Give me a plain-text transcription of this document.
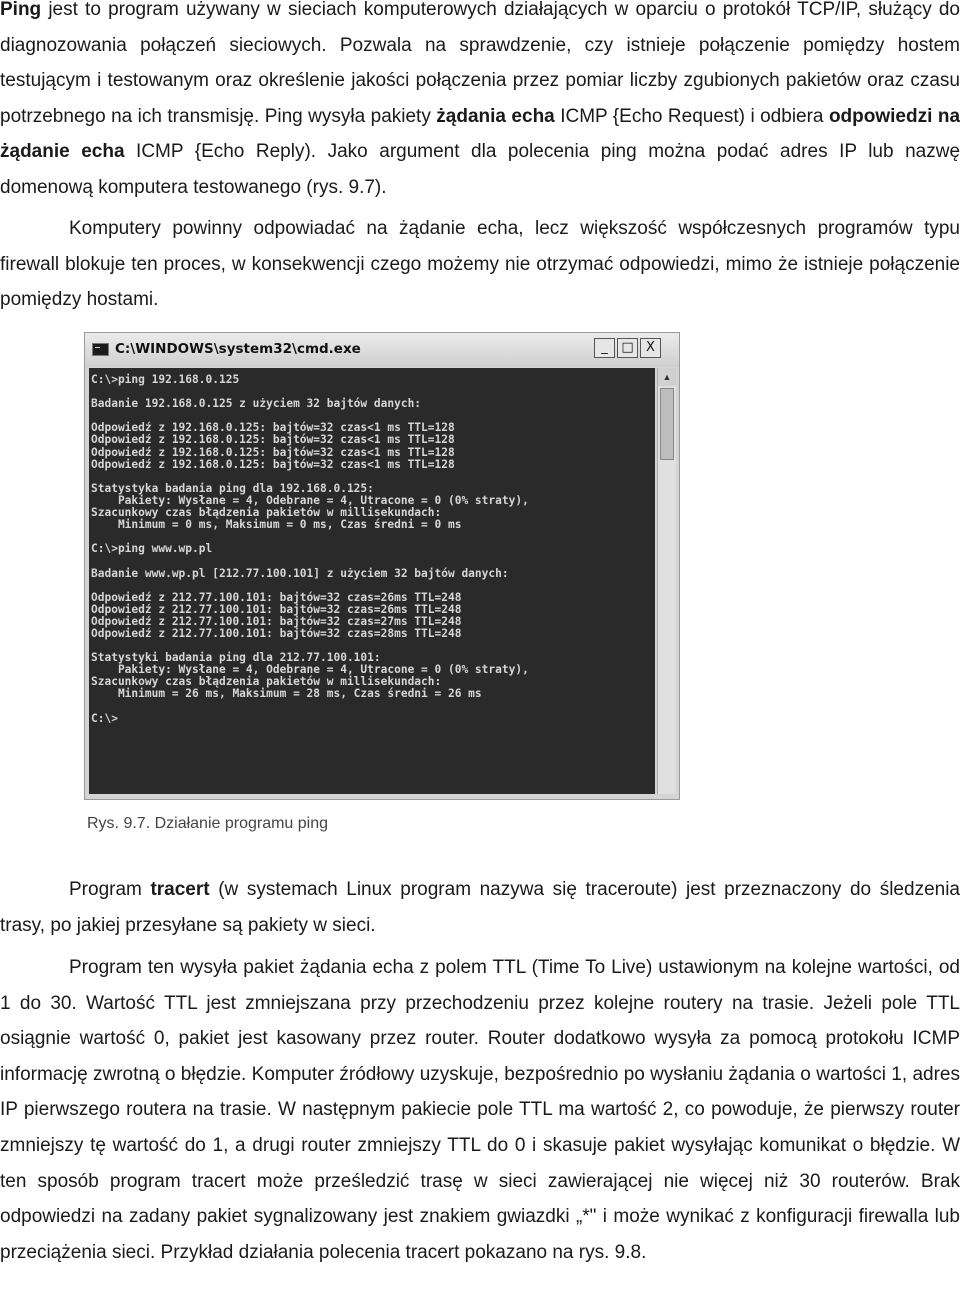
Ping jest to program używany w sieciach komputerowych działających w oparciu o protokół TCP/IP, służący do diagnozowania połączeń sieciowych. Pozwala na sprawdzenie, czy istnieje połączenie pomiędzy hostem testującym i testowanym oraz określenie jakości połączenia przez pomiar liczby zgubionych pakietów oraz czasu potrzebnego na ich transmisję. Ping wysyła pakiety żądania echa ICMP {Echo Request) i odbiera odpowiedzi na żądanie echa ICMP {Echo Reply). Jako argument dla polecenia ping można podać adres IP lub nazwę domenową komputera testowanego (rys. 9.7).

Komputery powinny odpowiadać na żądanie echa, lecz większość współczesnych programów typu firewall blokuje ten proces, w konsekwencji czego możemy nie otrzymać odpowiedzi, mimo że istnieje połączenie pomiędzy hostami.

C:\WINDOWS\system32\cmd.exe	_	□ X
C:\>ping 192.168.0.125

Badanie 192.168.0.125 z użyciem 32 bajtów danych:

Odpowiedź z 192.168.0.125: bajtów=32 czas<1 ms TTL=128
Odpowiedź z 192.168.0.125: bajtów=32 czas<1 ms TTL=128
Odpowiedź z 192.168.0.125: bajtów=32 czas<1 ms TTL=128
Odpowiedź z 192.168.0.125: bajtów=32 czas<1 ms TTL=128

Statystyka badania ping dla 192.168.0.125:
Pakiety: Wysłane = 4, Odebrane = 4, Utracone = 0 (0% straty),
Szacunkowy czas błądzenia pakietów w millisekundach:
Minimum = 0 ms, Maksimum = 0 ms, Czas średni = 0 ms

C:\>ping www.wp.pl

Badanie www.wp.pl [212.77.100.101] z użyciem 32 bajtów danych:

Odpowiedź z 212.77.100.101: bajtów=32 czas=26ms TTL=248
Odpowiedź z 212.77.100.101: bajtów=32 czas=26ms TTL=248
Odpowiedź z 212.77.100.101: bajtów=32 czas=27ms TTL=248
Odpowiedź z 212.77.100.101: bajtów=32 czas=28ms TTL=248

Statystyki badania ping dla 212.77.100.101:
Pakiety: Wysłane = 4, Odebrane = 4, Utracone = 0 (0% straty),
Szacunkowy czas błądzenia pakietów w millisekundach:
Minimum = 26 ms, Maksimum = 28 ms, Czas średni = 26 ms

C:\>
▲
Rys. 9.7. Działanie programu ping

Program tracert (w systemach Linux program nazywa się traceroute) jest przeznaczony do śledzenia trasy, po jakiej przesyłane są pakiety w sieci.

Program ten wysyła pakiet żądania echa z polem TTL (Time To Live) ustawionym na kolejne wartości, od 1 do 30. Wartość TTL jest zmniejszana przy przechodzeniu przez kolejne routery na trasie. Jeżeli pole TTL osiągnie wartość 0, pakiet jest kasowany przez router. Router dodatkowo wysyła za pomocą protokołu ICMP informację zwrotną o błędzie. Komputer źródłowy uzyskuje, bezpośrednio po wysłaniu żądania o wartości 1, adres IP pierwszego routera na trasie. W następnym pakiecie pole TTL ma wartość 2, co powoduje, że pierwszy router zmniejszy tę wartość do 1, a drugi router zmniejszy TTL do 0 i skasuje pakiet wysyłając komunikat o błędzie. W ten sposób program tracert może prześledzić trasę w sieci zawierającej nie więcej niż 30 routerów. Brak odpowiedzi na zadany pakiet sygnalizowany jest znakiem gwiazdki „*" i może wynikać z konfiguracji firewalla lub przeciążenia sieci. Przykład działania polecenia tracert pokazano na rys. 9.8.
